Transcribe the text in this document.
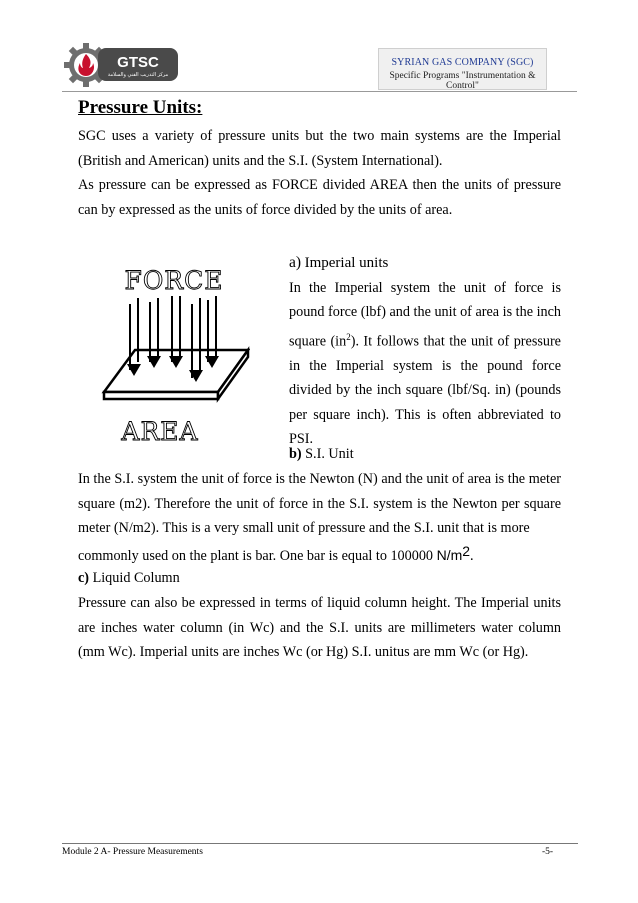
GTSC
مركز التدريب الفني والسلامة
SYRIAN GAS COMPANY (SGC)
Specific Programs "Instrumentation & Control"
Pressure Units:
SGC uses a variety of pressure units but the two main systems are the Imperial (British and American) units and the S.I. (System International).
As pressure can be expressed as FORCE divided AREA then the units of pressure can by expressed as the units of force divided by the units of area.
FORCE
AREA
a) Imperial units
In the Imperial system the unit of force is pound force (lbf) and the unit of area is the inch square $(in^2)$. It follows that the unit of pressure in the Imperial system is the pound force divided by the inch square (lbf/Sq. in) (pounds per square inch). This is often abbreviated to PSI.
b) S.I. Unit
In the S.I. system the unit of force is the Newton (N) and the unit of area is the meter square (m2). Therefore the unit of force in the S.I. system is the Newton per square meter (N/m2). This is a very small unit of pressure and the S.I. unit that is more
commonly used on the plant is bar. One bar is equal to 100000 $N/m^2$.
c) Liquid Column
Pressure can also be expressed in terms of liquid column height. The Imperial units are inches water column (in Wc) and the S.I. units are millimeters water column (mm Wc). Imperial units are inches Wc (or Hg) S.I. unitus are mm Wc (or Hg).
Module 2 A- Pressure Measurements	-5-
